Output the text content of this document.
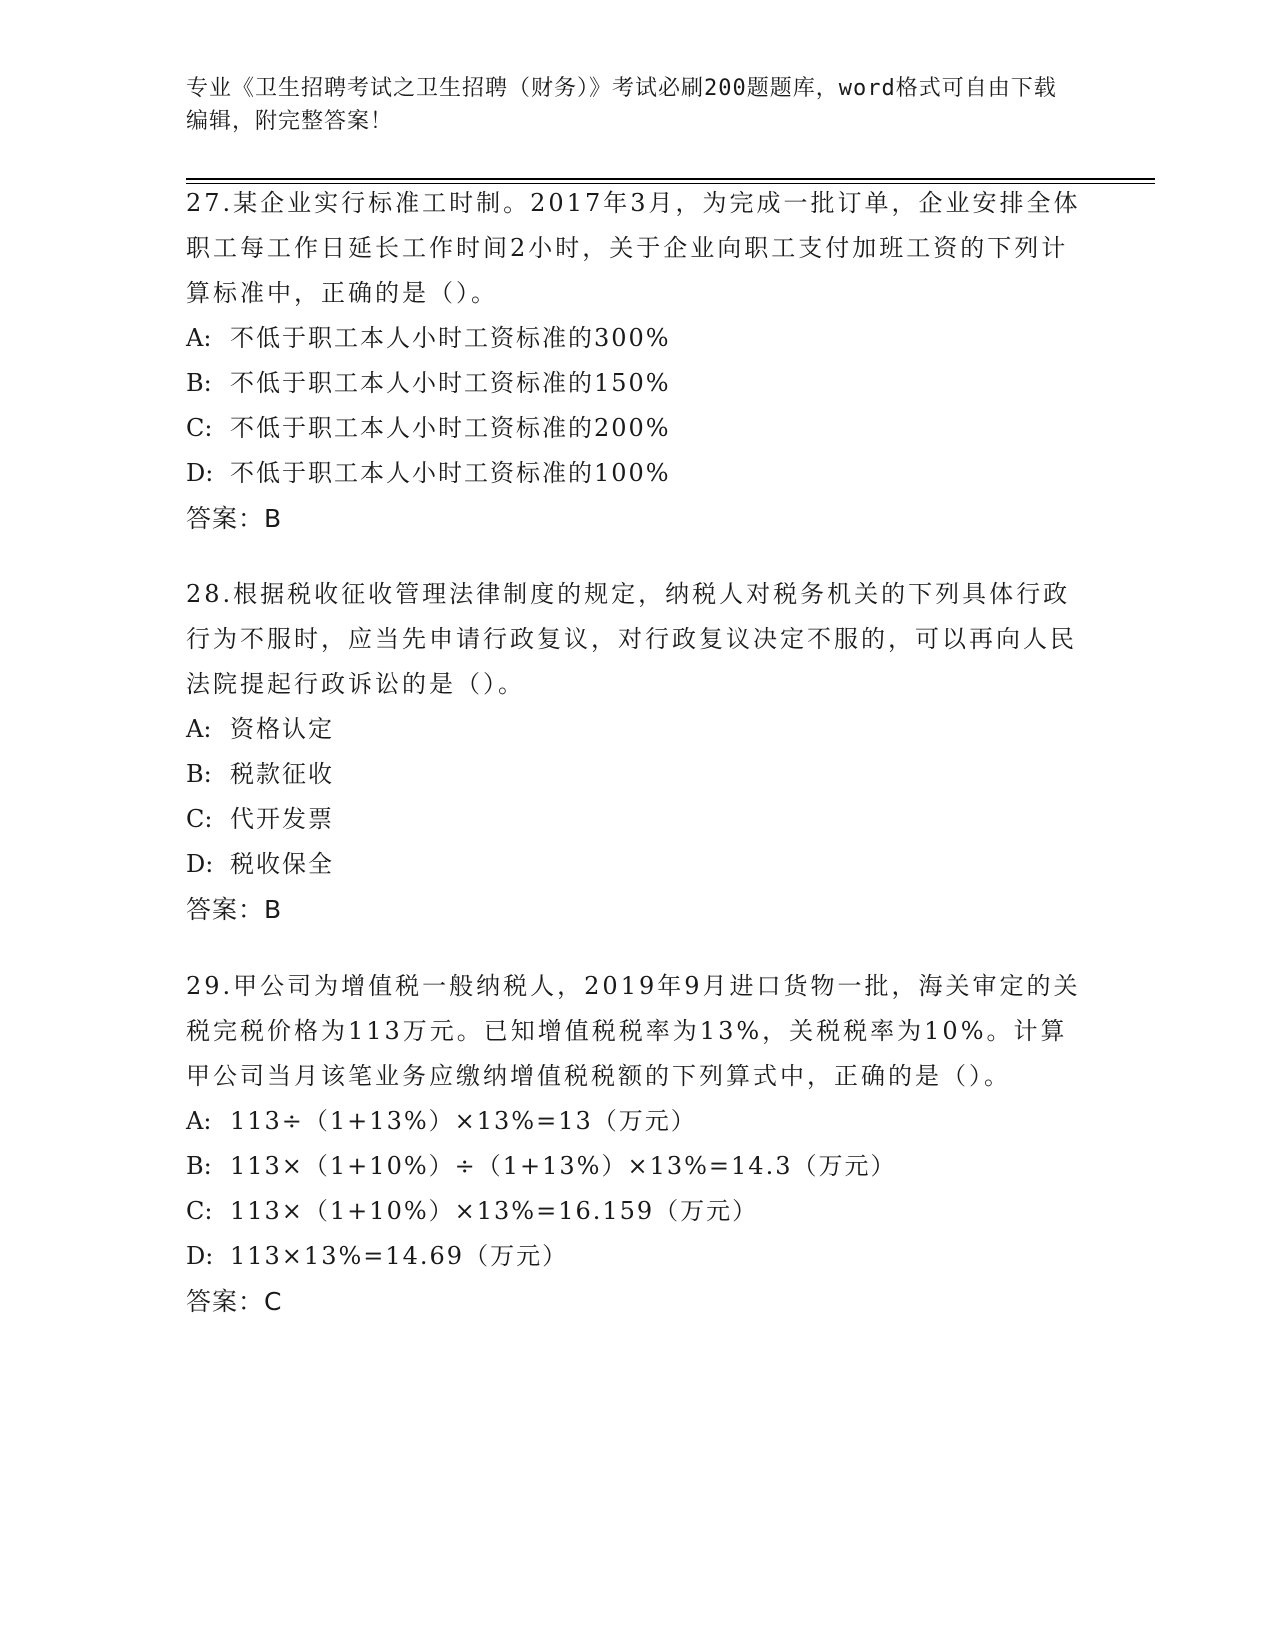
专业《卫生招聘考试之卫生招聘（财务）》考试必刷200题题库，word格式可自由下载编辑，附完整答案！
27.某企业实行标准工时制。2017年3月，为完成一批订单，企业安排全体职工每工作日延长工作时间2小时，关于企业向职工支付加班工资的下列计算标准中，正确的是（）。
A: 不低于职工本人小时工资标准的300%
B: 不低于职工本人小时工资标准的150%
C: 不低于职工本人小时工资标准的200%
D: 不低于职工本人小时工资标准的100%
答案：B
28.根据税收征收管理法律制度的规定，纳税人对税务机关的下列具体行政行为不服时，应当先申请行政复议，对行政复议决定不服的，可以再向人民法院提起行政诉讼的是（）。
A: 资格认定
B: 税款征收
C: 代开发票
D: 税收保全
答案：B
29.甲公司为增值税一般纳税人，2019年9月进口货物一批，海关审定的关税完税价格为113万元。已知增值税税率为13%，关税税率为10%。计算甲公司当月该笔业务应缴纳增值税税额的下列算式中，正确的是（）。
A: 113÷（1+13%）×13%=13（万元）
B: 113×（1+10%）÷（1+13%）×13%=14.3（万元）
C: 113×（1+10%）×13%=16.159（万元）
D: 113×13%=14.69（万元）
答案：C
